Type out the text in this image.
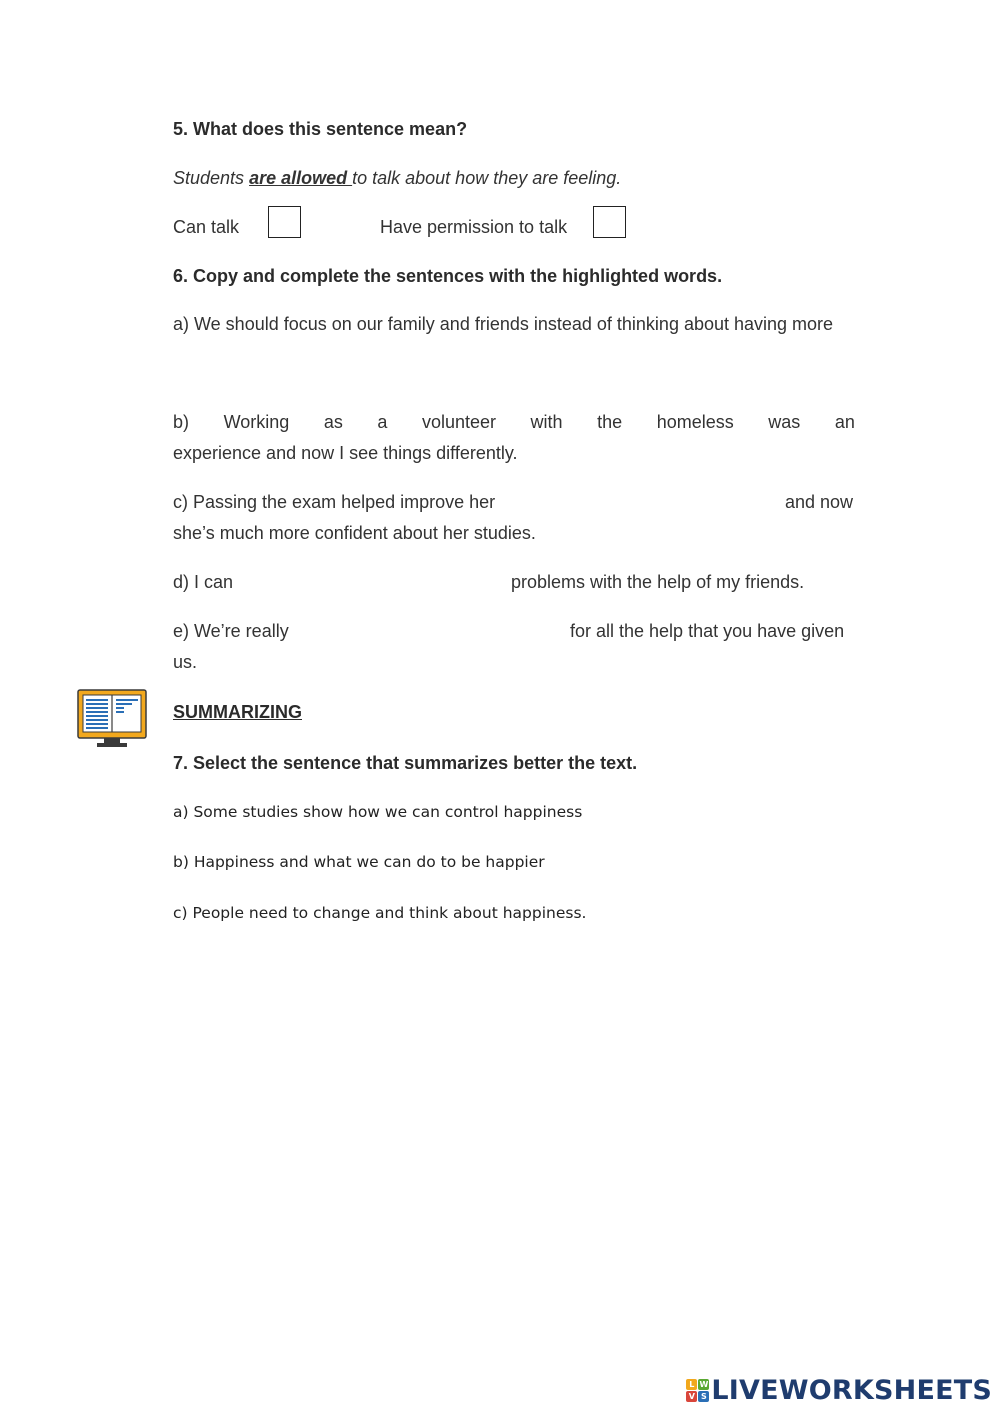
5. What does this sentence mean?
Students are allowed to talk about how they are feeling.
Can talk	Have permission to talk
6. Copy and complete the sentences with the highlighted words.
a) We should focus on our family and friends instead of thinking about having more
b) Working as a volunteer with the homeless was an
experience and now I see things differently.
c) Passing the exam helped improve her	and now
she’s much more confident about her studies.
d) I can	problems with the help of my friends.
e) We’re really	for all the help that you have given
us.
SUMMARIZING
7. Select the sentence that summarizes better the text.
a) Some studies show how we can control happiness
b) Happiness and what we can do to be happier
c) People need to change and think about happiness.
L W
V S LIVEWORKSHEETS
